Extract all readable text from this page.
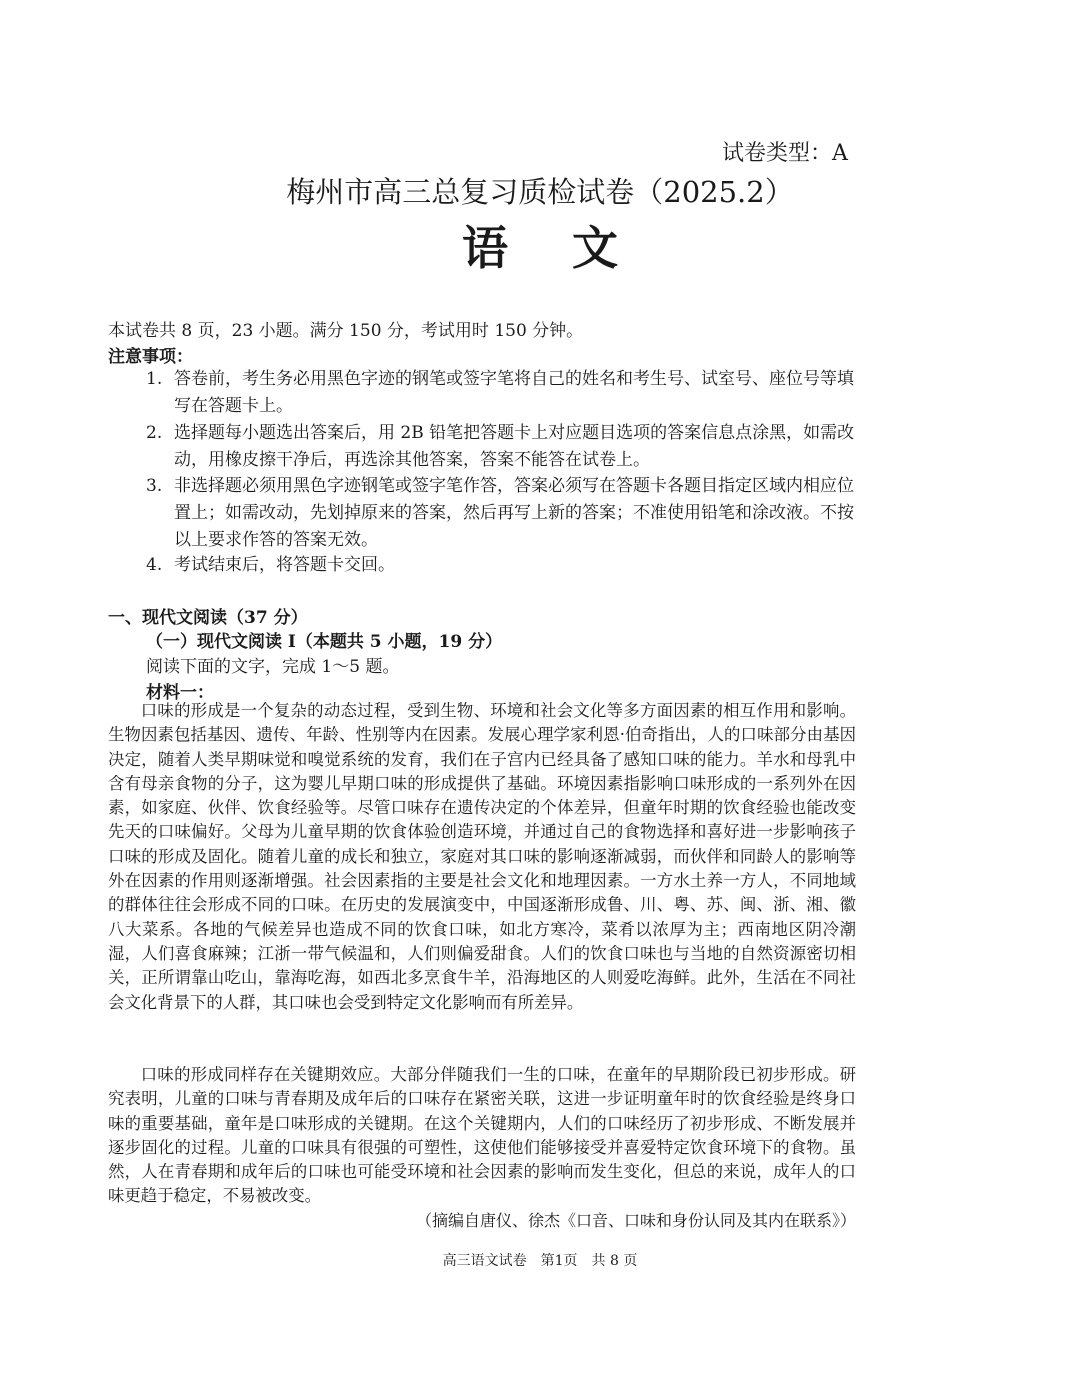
试卷类型：A
梅州市高三总复习质检试卷（2025.2）
语文
本试卷共 8 页，23 小题。满分 150 分，考试用时 150 分钟。
注意事项：
1. 答卷前，考生务必用黑色字迹的钢笔或签字笔将自己的姓名和考生号、试室号、座位号等填写在答题卡上。
2. 选择题每小题选出答案后，用 2B 铅笔把答题卡上对应题目选项的答案信息点涂黑，如需改动，用橡皮擦干净后，再选涂其他答案，答案不能答在试卷上。
3. 非选择题必须用黑色字迹钢笔或签字笔作答，答案必须写在答题卡各题目指定区域内相应位置上；如需改动，先划掉原来的答案，然后再写上新的答案；不准使用铅笔和涂改液。不按以上要求作答的答案无效。
4. 考试结束后，将答题卡交回。
一、现代文阅读（37 分）
（一）现代文阅读 I（本题共 5 小题，19 分）
阅读下面的文字，完成 1～5 题。
材料一：
口味的形成是一个复杂的动态过程，受到生物、环境和社会文化等多方面因素的相互作用和影响。生物因素包括基因、遗传、年龄、性别等内在因素。发展心理学家利恩·伯奇指出，人的口味部分由基因决定，随着人类早期味觉和嗅觉系统的发育，我们在子宫内已经具备了感知口味的能力。羊水和母乳中含有母亲食物的分子，这为婴儿早期口味的形成提供了基础。环境因素指影响口味形成的一系列外在因素，如家庭、伙伴、饮食经验等。尽管口味存在遗传决定的个体差异，但童年时期的饮食经验也能改变先天的口味偏好。父母为儿童早期的饮食体验创造环境，并通过自己的食物选择和喜好进一步影响孩子口味的形成及固化。随着儿童的成长和独立，家庭对其口味的影响逐渐减弱，而伙伴和同龄人的影响等外在因素的作用则逐渐增强。社会因素指的主要是社会文化和地理因素。一方水土养一方人，不同地域的群体往往会形成不同的口味。在历史的发展演变中，中国逐渐形成鲁、川、粤、苏、闽、浙、湘、徽八大菜系。各地的气候差异也造成不同的饮食口味，如北方寒冷，菜肴以浓厚为主；西南地区阴冷潮湿，人们喜食麻辣；江浙一带气候温和，人们则偏爱甜食。人们的饮食口味也与当地的自然资源密切相关，正所谓靠山吃山，靠海吃海，如西北多烹食牛羊，沿海地区的人则爱吃海鲜。此外，生活在不同社会文化背景下的人群，其口味也会受到特定文化影响而有所差异。
口味的形成同样存在关键期效应。大部分伴随我们一生的口味，在童年的早期阶段已初步形成。研究表明，儿童的口味与青春期及成年后的口味存在紧密关联，这进一步证明童年时的饮食经验是终身口味的重要基础，童年是口味形成的关键期。在这个关键期内，人们的口味经历了初步形成、不断发展并逐步固化的过程。儿童的口味具有很强的可塑性，这使他们能够接受并喜爱特定饮食环境下的食物。虽然，人在青春期和成年后的口味也可能受环境和社会因素的影响而发生变化，但总的来说，成年人的口味更趋于稳定，不易被改变。
（摘编自唐仪、徐杰《口音、口味和身份认同及其内在联系》）
高三语文试卷　第1页　共 8 页
